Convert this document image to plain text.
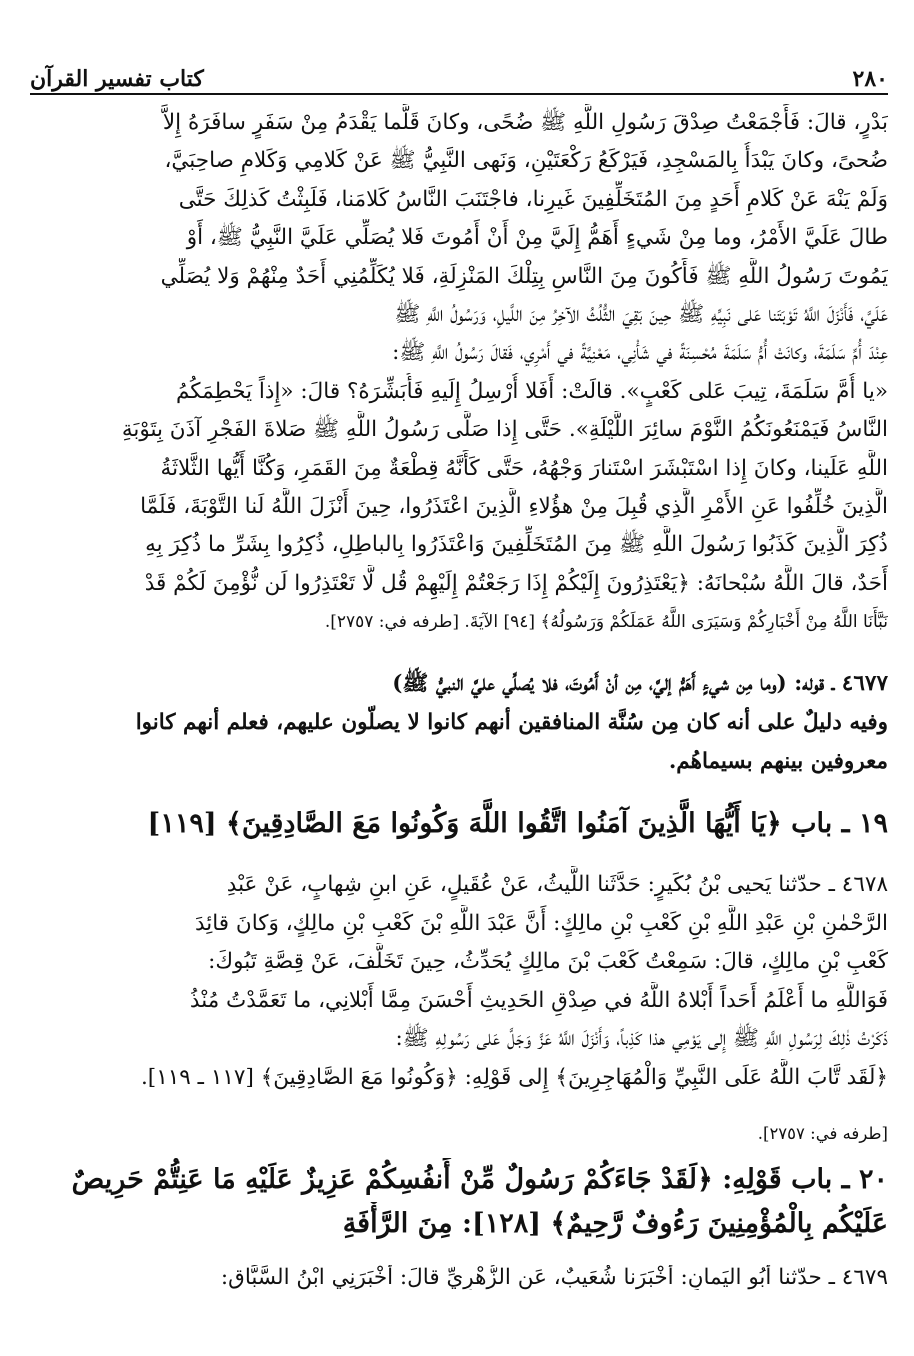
٢٨٠
كتاب تفسير القرآن
بَدْرٍ، قالَ: فَأَجْمَعْتُ صِدْقَ رَسُولِ اللَّهِ ﷺ ضُحًى، وكانَ قَلَّما يَقْدَمُ مِنْ سَفَرٍ سافَرَهُ إِلاَّ
ضُحىً، وكانَ يَبْدَأُ بِالمَسْجِدِ، فَيَرْكَعُ رَكْعَتَيْنِ، وَنَهى النَّبِيُّ ﷺ عَنْ كَلامِي وَكَلامِ صاحِبَيَّ،
وَلَمْ يَنْهَ عَنْ كَلامِ أَحَدٍ مِنَ المُتَخَلِّفِينَ غَيرِنا، فاجْتَنَبَ النَّاسُ كَلامَنا، فَلَبِثْتُ كَذلِكَ حَتَّى
طالَ عَلَيَّ الأَمْرُ، وما مِنْ شَيءٍ أَهَمُّ إِلَيَّ مِنْ أَنْ أَمُوتَ فَلا يُصَلِّي عَلَيَّ النَّبِيُّ ﷺ، أَوْ
يَمُوتَ رَسُولُ اللَّهِ ﷺ فَأَكُونَ مِنَ النَّاسِ بِتِلْكَ المَنْزِلَةِ، فَلا يُكَلِّمُنِي أَحَدٌ مِنْهُمْ وَلا يُصَلِّي
عَلَيَّ، فَأَنْزَلَ اللَّهُ تَوْبَتَنا عَلى نَبِيِّهِ ﷺ حِينَ بَقِيَ الثُّلُثُ الآخِرُ مِنَ اللَّيلِ، وَرَسُولُ اللَّهِ ﷺ
عِنْدَ أُمِّ سَلَمَةَ، وكانَتْ أُمُّ سَلَمَةَ مُحْسِنَةً في شَأْنِي، مَعْنِيَّةً في أَمْرِي، فَقالَ رَسُولُ اللَّهِ ﷺ:
«يا أُمَّ سَلَمَةَ، تِيبَ عَلى كَعْبٍ». قالَتْ: أَفَلا أُرْسِلُ إِلَيهِ فَأُبَشِّرَهُ؟ قالَ: «إِذاً يَحْطِمَكُمُ
النَّاسُ فَيَمْنَعُونَكُمُ النَّوْمَ سائِرَ اللَّيْلَةِ». حَتَّى إِذا صَلَّى رَسُولُ اللَّهِ ﷺ صَلاةَ الفَجْرِ آذَنَ بِتَوْبَةِ
اللَّهِ عَلَينا، وكانَ إِذا اسْتَبْشَرَ اسْتَنارَ وَجْهُهُ، حَتَّى كَأَنَّهُ قِطْعَةٌ مِنَ القَمَرِ، وَكُنَّا أَيُّها الثَّلاثَةُ
الَّذِينَ خُلِّفُوا عَنِ الأَمْرِ الَّذِي قُبِلَ مِنْ هؤُلاءِ الَّذِينَ اعْتَذَرُوا، حِينَ أَنْزَلَ اللَّهُ لَنا التَّوْبَةَ، فَلَمَّا
ذُكِرَ الَّذِينَ كَذَبُوا رَسُولَ اللَّهِ ﷺ مِنَ المُتَخَلِّفِينَ وَاعْتَذَرُوا بِالباطِلِ، ذُكِرُوا بِشَرِّ ما ذُكِرَ بِهِ
أَحَدٌ، قالَ اللَّهُ سُبْحانَهُ: ﴿يَعْتَذِرُونَ إِلَيْكُمْ إِذَا رَجَعْتُمْ إِلَيْهِمْ قُل لَّا تَعْتَذِرُوا لَن نُّؤْمِنَ لَكُمْ قَدْ
نَبَّأَنَا اللَّهُ مِنْ أَخْبَارِكُمْ وَسَيَرَى اللَّهُ عَمَلَكُمْ وَرَسُولُهُ﴾ [٩٤] الآيَةَ. [طرفه في: ٢٧٥٧].
٤٦٧٧ ـ قوله: (وما مِن شيءٍ أَهَمُّ إليَّ، مِن أنْ أَمُوتَ، فلا يُصلِّي عليَّ النبيُّ ﷺ)
وفيه دليلٌ على أنه كان مِن سُنَّة المنافقين أنهم كانوا لا يصلّون عليهم، فعلم أنهم كانوا
معروفين بينهم بسيماهُم.
١٩ ـ باب ﴿يَا أَيُّهَا الَّذِينَ آمَنُوا اتَّقُوا اللَّهَ وَكُونُوا مَعَ الصَّادِقِينَ﴾ [١١٩]
٤٦٧٨ ـ حدّثنا يَحيى بْنُ بُكَيرٍ: حَدَّثَنا اللَّيثُ، عَنْ عُقَيلٍ، عَنِ ابنِ شِهابٍ، عَنْ عَبْدِ
الرَّحْمٰنِ بْنِ عَبْدِ اللَّهِ بْنِ كَعْبِ بْنِ مالِكٍ: أَنَّ عَبْدَ اللَّهِ بْنَ كَعْبِ بْنِ مالِكٍ، وَكانَ قائِدَ
كَعْبِ بْنِ مالِكٍ، قالَ: سَمِعْتُ كَعْبَ بْنَ مالِكٍ يُحَدِّثُ، حِينَ تَخَلَّفَ، عَنْ قِصَّةِ تَبُوكَ:
فَوَاللَّهِ ما أَعْلَمُ أَحَداً أَبْلاهُ اللَّهُ في صِدْقِ الحَدِيثِ أَحْسَنَ مِمَّا أَبْلانِي، ما تَعَمَّدْتُ مُنْذُ
ذَكَرْتُ ذٰلِكَ لِرَسُولِ اللَّهِ ﷺ إِلى يَوْمِي هذا كَذِباً، وَأَنْزَلَ اللَّهُ عَزَّ وَجَلَّ عَلى رَسُولِهِ ﷺ:
﴿لَقَد تَّابَ اللَّهُ عَلَى النَّبِيِّ وَالْمُهَاجِرِينَ﴾ إِلى قَوْلِهِ: ﴿وَكُونُوا مَعَ الصَّادِقِينَ﴾ [١١٧ ـ ١١٩].
[طرفه في: ٢٧٥٧].
٢٠ ـ باب قَوْلِهِ: ﴿لَقَدْ جَاءَكُمْ رَسُولٌ مِّنْ أَنفُسِكُمْ عَزِيزٌ عَلَيْهِ مَا عَنِتُّمْ حَرِيصٌ
عَلَيْكُم بِالْمُؤْمِنِينَ رَءُوفٌ رَّحِيمٌ﴾ [١٢٨]: مِنَ الرَّأْفَةِ
٤٦٧٩ ـ حدّثنا أَبُو اليَمانِ: أَخْبَرَنا شُعَيبٌ، عَنِ الزُّهْرِيِّ قالَ: أَخْبَرَنِي ابْنُ السَّبَّاقِ:
